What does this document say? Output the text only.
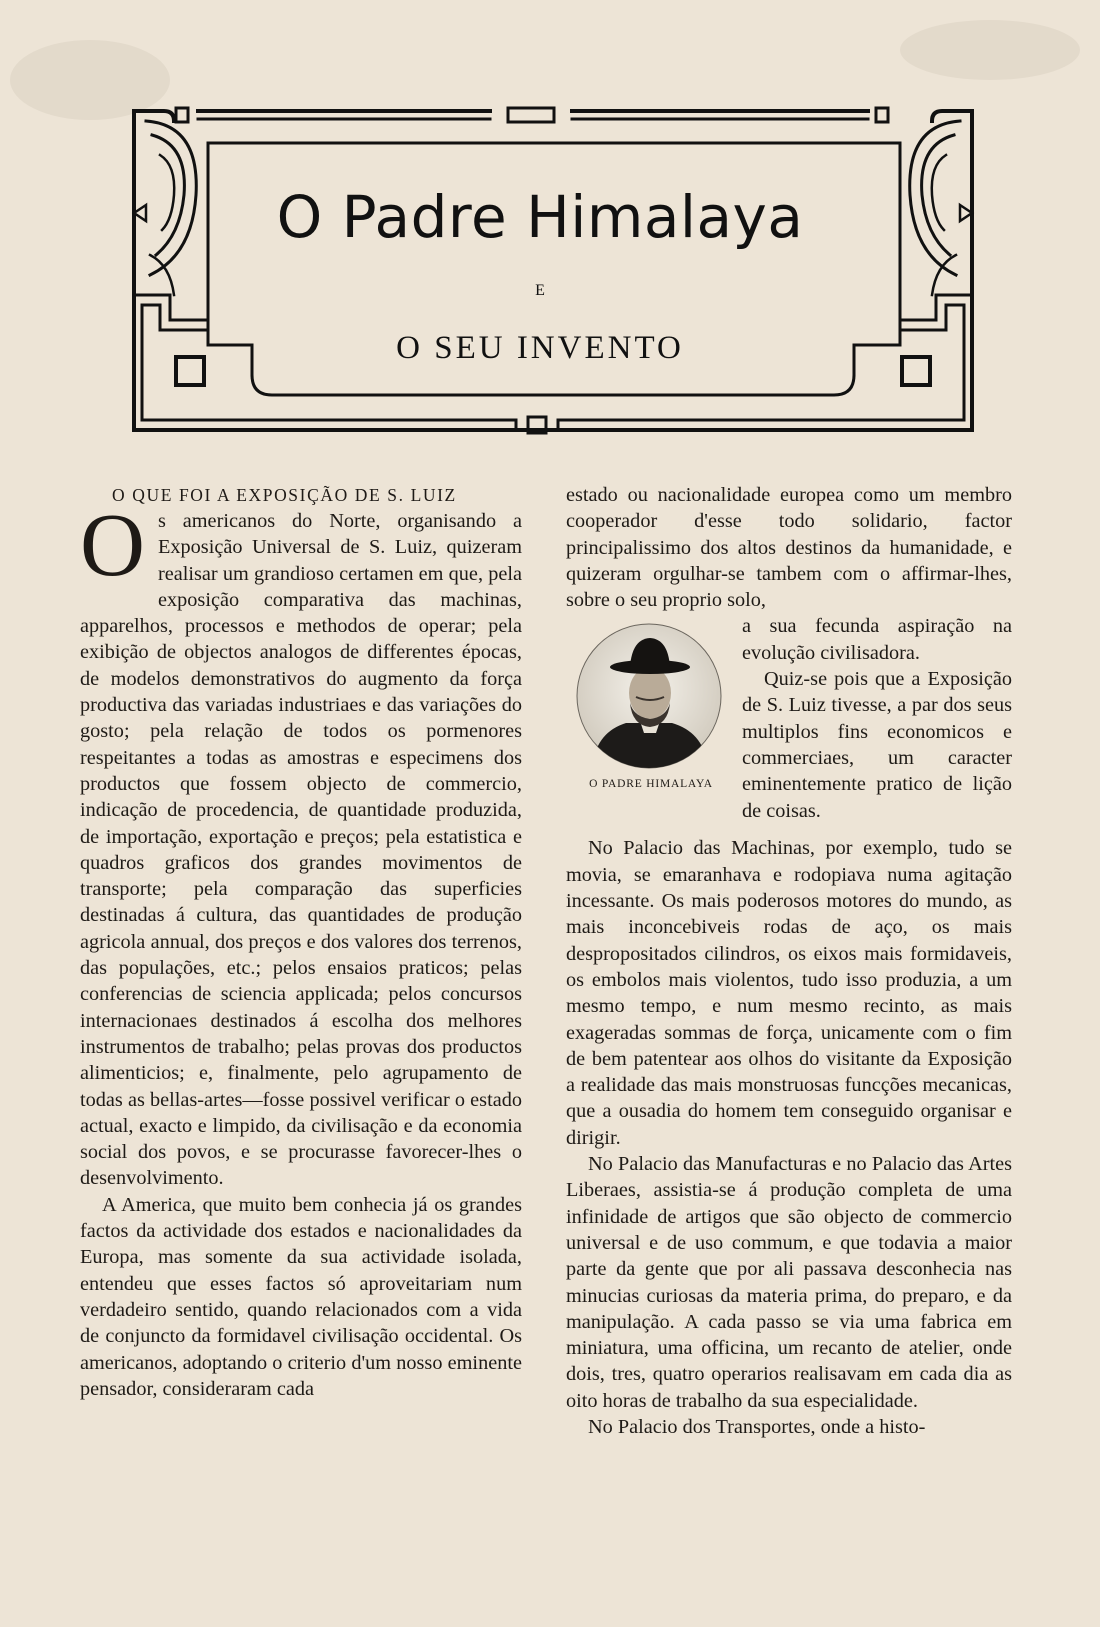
O Padre Himalaya
E
O SEU INVENTO
O QUE FOI A EXPOSIÇÃO DE S. LUIZ

Os americanos do Norte, organisando a Exposição Universal de S. Luiz, quizeram realisar um grandioso certamen em que, pela exposição comparativa das machinas, apparelhos, processos e methodos de operar; pela exibição de objectos analogos de differentes épocas, de modelos demonstrativos do augmento da força productiva das variadas industriaes e das variações do gosto; pela relação de todos os pormenores respeitantes a todas as amostras e especimens dos productos que fossem objecto de commercio, indicação de procedencia, de quantidade produzida, de importação, exportação e preços; pela estatistica e quadros graficos dos grandes movimentos de transporte; pela comparação das superficies destinadas á cultura, das quantidades de produção agricola annual, dos preços e dos valores dos terrenos, das populações, etc.; pelos ensaios praticos; pelas conferencias de sciencia applicada; pelos concursos internacionaes destinados á escolha dos melhores instrumentos de trabalho; pelas provas dos productos alimenticios; e, finalmente, pelo agrupamento de todas as bellas-artes—fosse possivel verificar o estado actual, exacto e limpido, da civilisação e da economia social dos povos, e se procurasse favorecer-lhes o desenvolvimento.

A America, que muito bem conhecia já os grandes factos da actividade dos estados e nacionalidades da Europa, mas somente da sua actividade isolada, entendeu que esses factos só aproveitariam num verdadeiro sentido, quando relacionados com a vida de conjuncto da formidavel civilisação occidental. Os americanos, adoptando o criterio d'um nosso eminente pensador, consideraram cada

estado ou nacionalidade europea como um membro cooperador d'esse todo solidario, factor principalissimo dos altos destinos da humanidade, e quizeram orgulhar-se tambem com o affirmar-lhes, sobre o seu proprio solo,

O PADRE HIMALAYA

a sua fecunda aspiração na evolução civilisadora.

Quiz-se pois que a Exposição de S. Luiz tivesse, a par dos seus multiplos fins economicos e commerciaes, um caracter eminentemente pratico de lição de coisas.

No Palacio das Machinas, por exemplo, tudo se movia, se emaranhava e rodopiava numa agitação incessante. Os mais poderosos motores do mundo, as mais inconcebiveis rodas de aço, os mais despropositados cilindros, os eixos mais formidaveis, os embolos mais violentos, tudo isso produzia, a um mesmo tempo, e num mesmo recinto, as mais exageradas sommas de força, unicamente com o fim de bem patentear aos olhos do visitante da Exposição a realidade das mais monstruosas funcções mecanicas, que a ousadia do homem tem conseguido organisar e dirigir.

No Palacio das Manufacturas e no Palacio das Artes Liberaes, assistia-se á produção completa de uma infinidade de artigos que são objecto de commercio universal e de uso commum, e que todavia a maior parte da gente que por ali passava desconhecia nas minucias curiosas da materia prima, do preparo, e da manipulação. A cada passo se via uma fabrica em miniatura, uma officina, um recanto de atelier, onde dois, tres, quatro operarios realisavam em cada dia as oito horas de trabalho da sua especialidade.

No Palacio dos Transportes, onde a histo-
